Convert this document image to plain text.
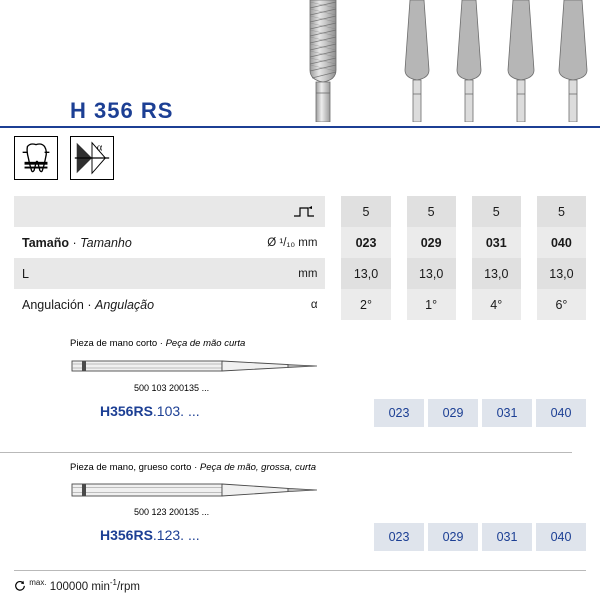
H 356 RS
α
			5		5		5		5
Tamaño · Tamanho	Ø ¹/₁₀ mm		023		029		031		040
L	mm		13,0		13,0		13,0		13,0
Angulación · Angulação	α		2°		1°		4°		6°
Pieza de mano corto · Peça de mão curta
500 103 200135 ...
H356RS.103. ...	023	029	031	040
Pieza de mano, grueso corto · Peça de mão, grossa, curta
500 123 200135 ...
H356RS.123. ...	023	029	031	040
$^{max.}$ 100000 $\min^{-1}$/rpm
